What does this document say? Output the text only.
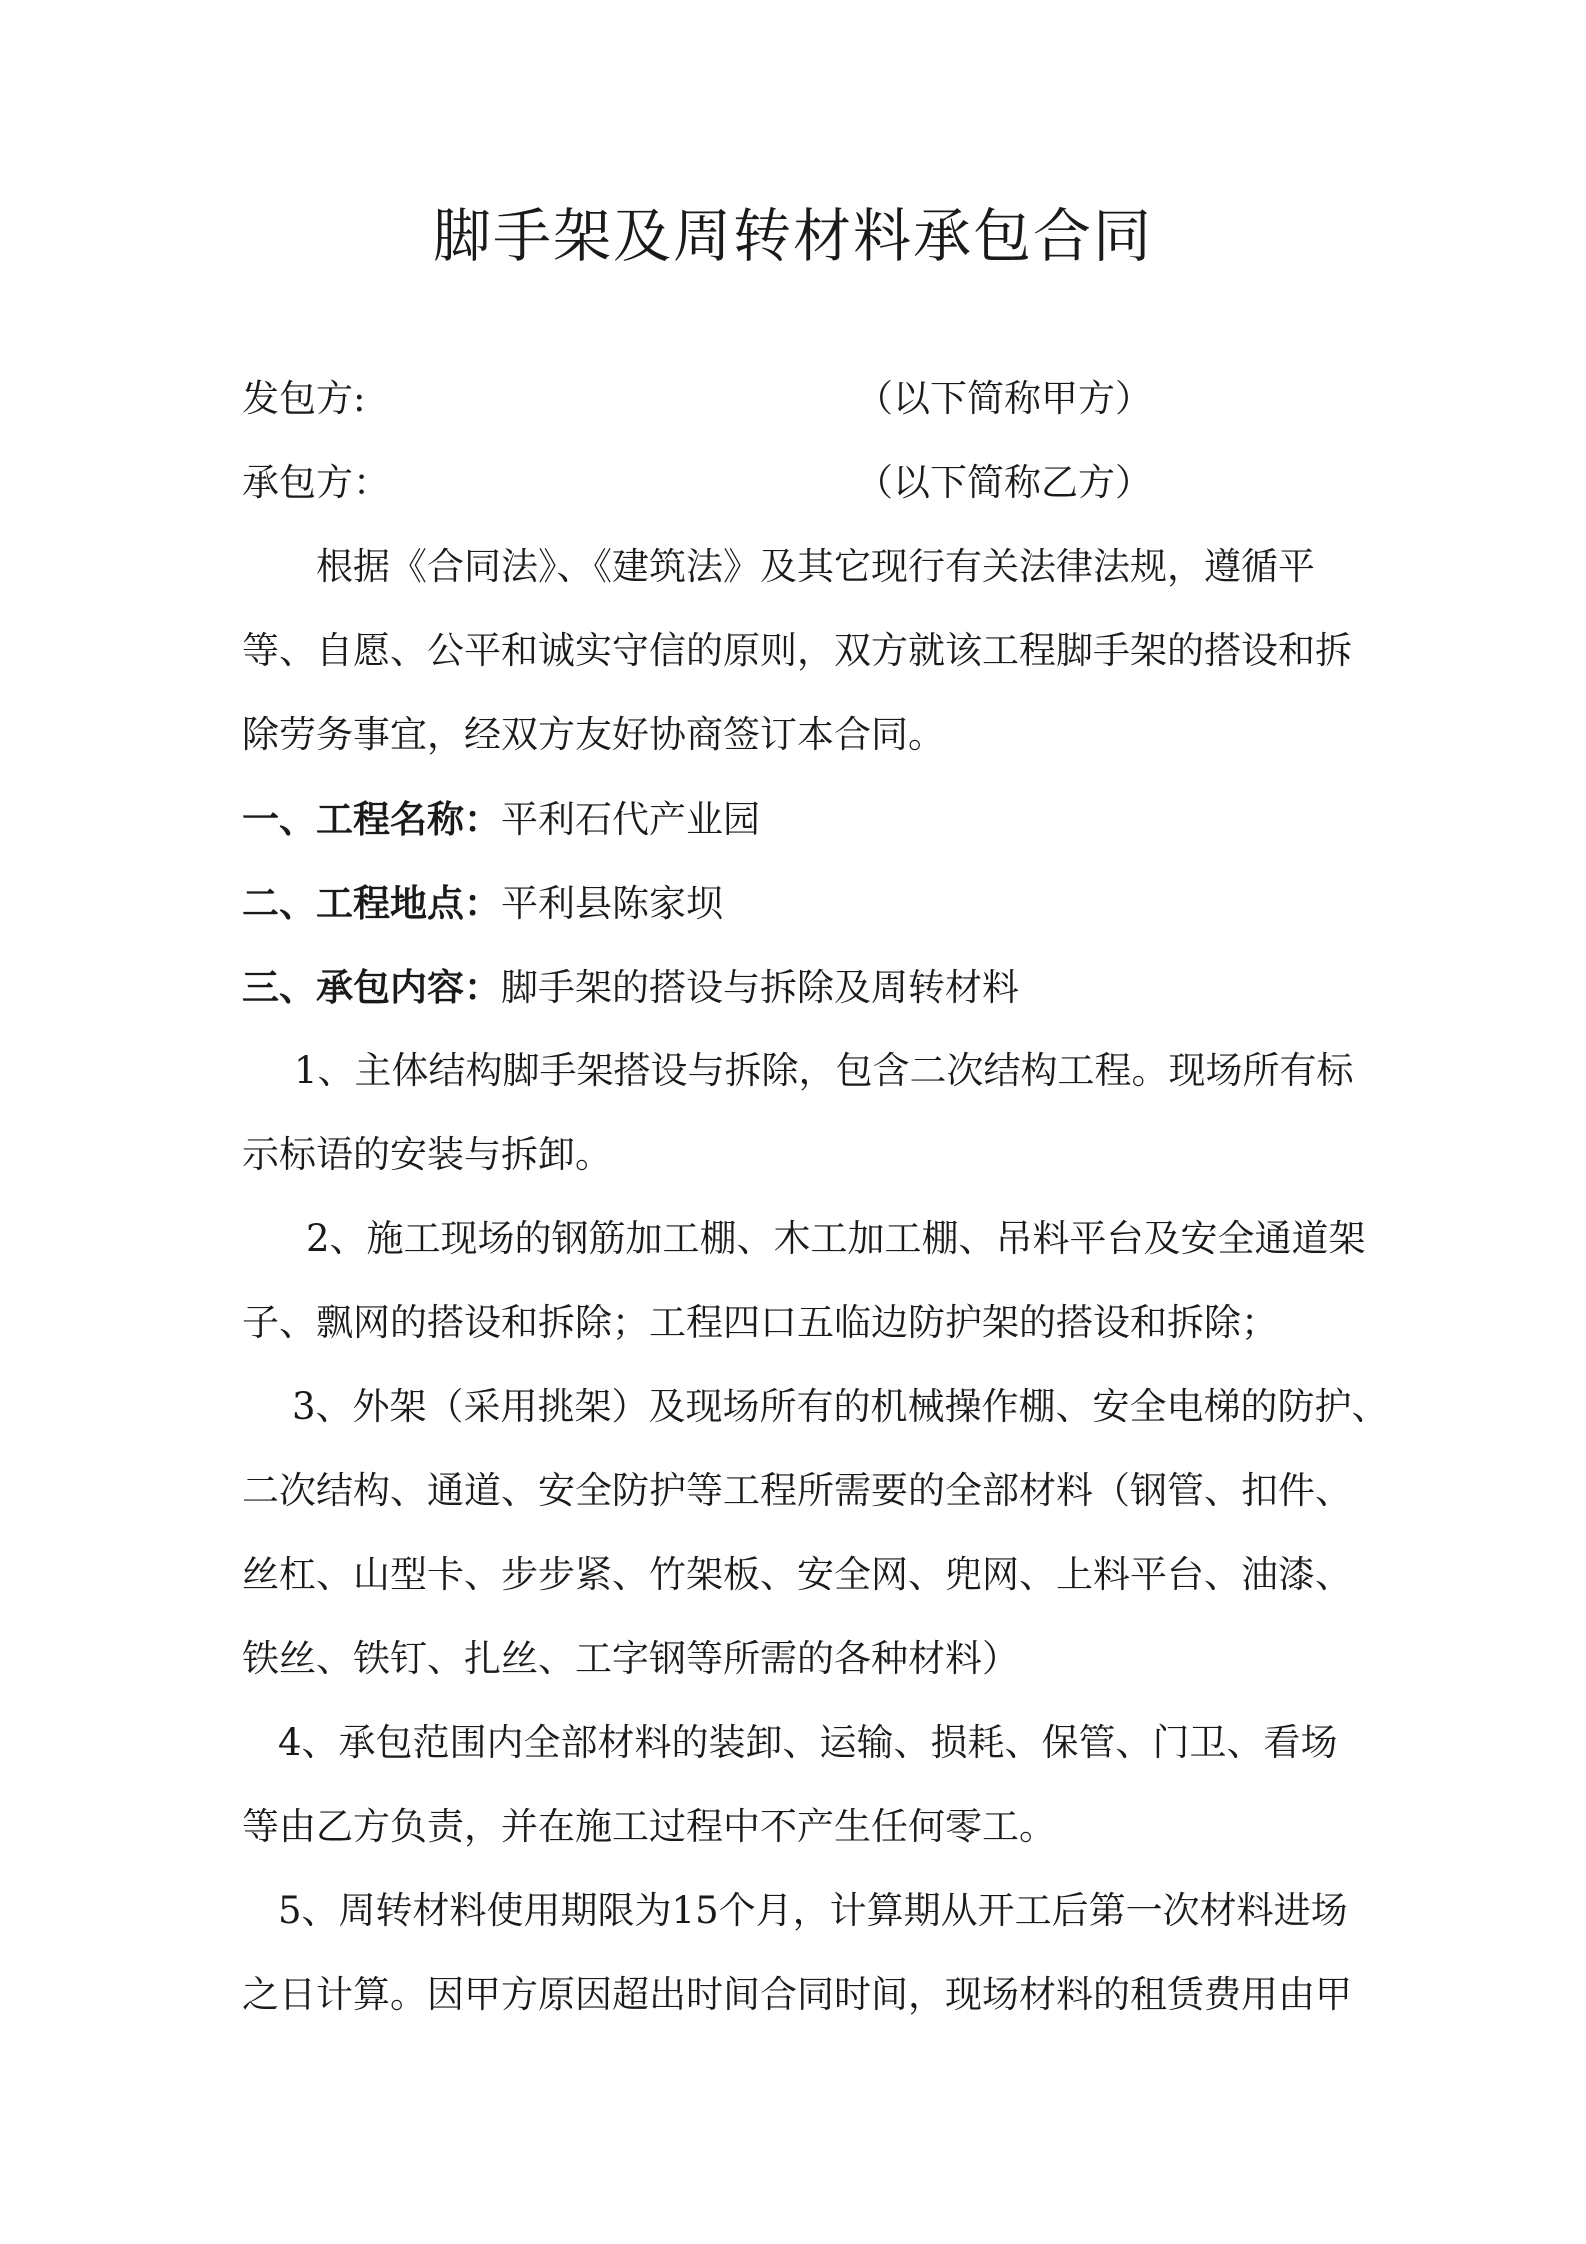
脚手架及周转材料承包合同
发包方:	（以下简称甲方）
承包方：	（以下简称乙方）
根据《合同法》、《建筑法》及其它现行有关法律法规，遵循平
等、自愿、公平和诚实守信的原则，双方就该工程脚手架的搭设和拆
除劳务事宜，经双方友好协商签订本合同。
一、工程名称：平利石代产业园
二、工程地点：平利县陈家坝
三、承包内容：脚手架的搭设与拆除及周转材料
1、主体结构脚手架搭设与拆除，包含二次结构工程。现场所有标
示标语的安装与拆卸。
2、施工现场的钢筋加工棚、木工加工棚、吊料平台及安全通道架
子、飘网的搭设和拆除；工程四口五临边防护架的搭设和拆除；
3、外架（采用挑架）及现场所有的机械操作棚、安全电梯的防护、
二次结构、通道、安全防护等工程所需要的全部材料（钢管、扣件、
丝杠、山型卡、步步紧、竹架板、安全网、兜网、上料平台、油漆、
铁丝、铁钉、扎丝、工字钢等所需的各种材料）
4、承包范围内全部材料的装卸、运输、损耗、保管、门卫、看场
等由乙方负责，并在施工过程中不产生任何零工。
5、周转材料使用期限为15个月，计算期从开工后第一次材料进场
之日计算。因甲方原因超出时间合同时间，现场材料的租赁费用由甲
